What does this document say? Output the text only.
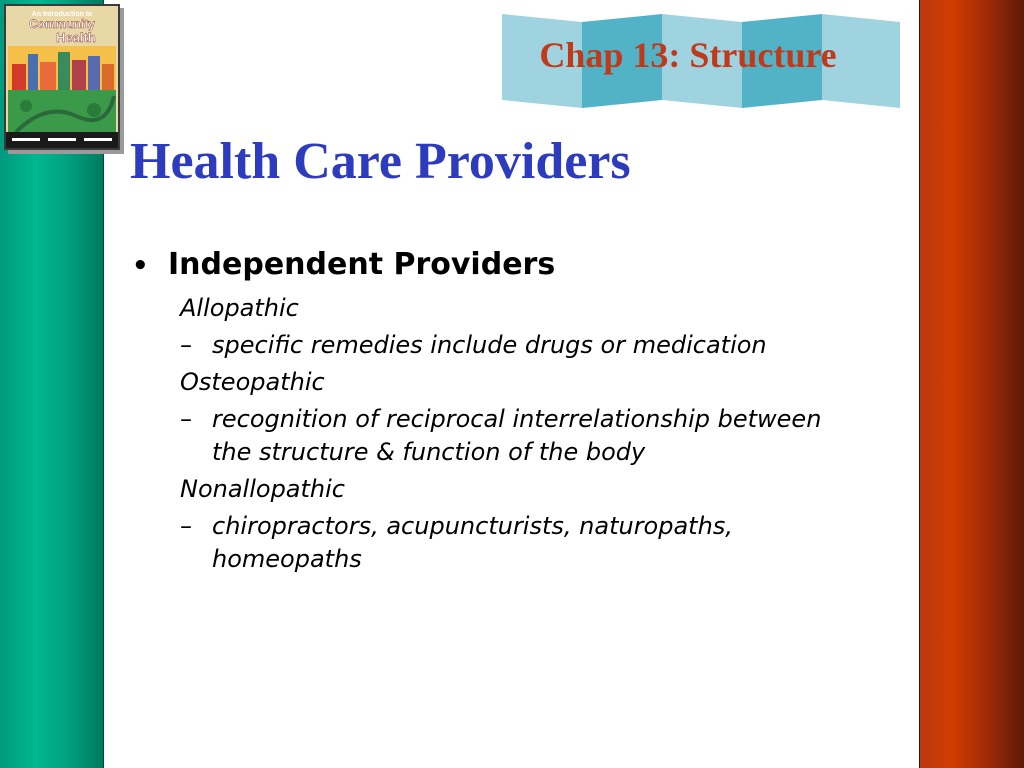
An Introduction to
Community
Health	Chap 13: Structure
Health Care Providers
• Independent Providers
Allopathic
– specific remedies include drugs or medication
Osteopathic
– recognition of reciprocal interrelationship between the structure & function of the body
Nonallopathic
– chiropractors, acupuncturists, naturopaths, homeopaths
